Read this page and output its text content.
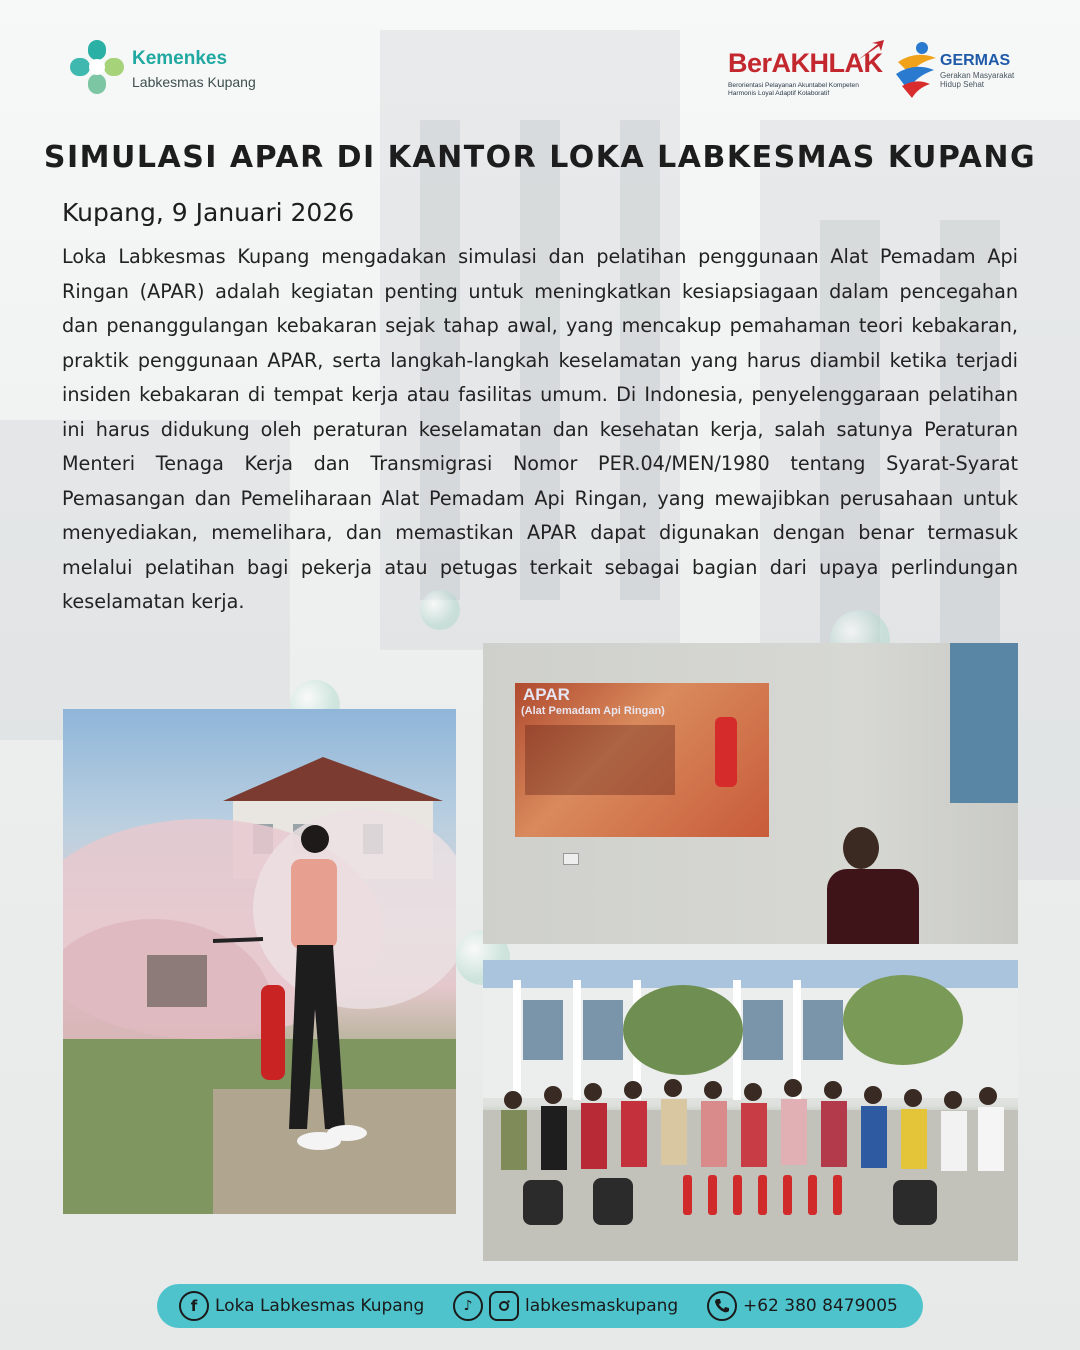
Kemenkes
Labkesmas Kupang
BerAKHLAK
Berorientasi Pelayanan Akuntabel Kompeten
Harmonis Loyal Adaptif Kolaboratif
GERMAS
Gerakan Masyarakat
Hidup Sehat
SIMULASI APAR DI KANTOR LOKA LABKESMAS KUPANG
Kupang, 9 Januari 2026

Loka Labkesmas Kupang mengadakan simulasi dan pelatihan penggunaan Alat Pemadam Api Ringan (APAR) adalah kegiatan penting untuk meningkatkan kesiapsiagaan dalam pencegahan dan penanggulangan kebakaran sejak tahap awal, yang mencakup pemahaman teori kebakaran, praktik penggunaan APAR, serta langkah-langkah keselamatan yang harus diambil ketika terjadi insiden kebakaran di tempat kerja atau fasilitas umum. Di Indonesia, penyelenggaraan pelatihan ini harus didukung oleh peraturan keselamatan dan kesehatan kerja, salah satunya Peraturan Menteri Tenaga Kerja dan Transmigrasi Nomor PER.04/MEN/1980 tentang Syarat-Syarat Pemasangan dan Pemeliharaan Alat Pemadam Api Ringan, yang mewajibkan perusahaan untuk menyediakan, memelihara, dan memastikan APAR dapat digunakan dengan benar termasuk melalui pelatihan bagi pekerja atau petugas terkait sebagai bagian dari upaya perlindungan keselamatan kerja.

APAR
(Alat Pemadam Api Ringan)
f	Loka Labkesmas Kupang	♪	labkesmaskupang	+62 380 8479005
